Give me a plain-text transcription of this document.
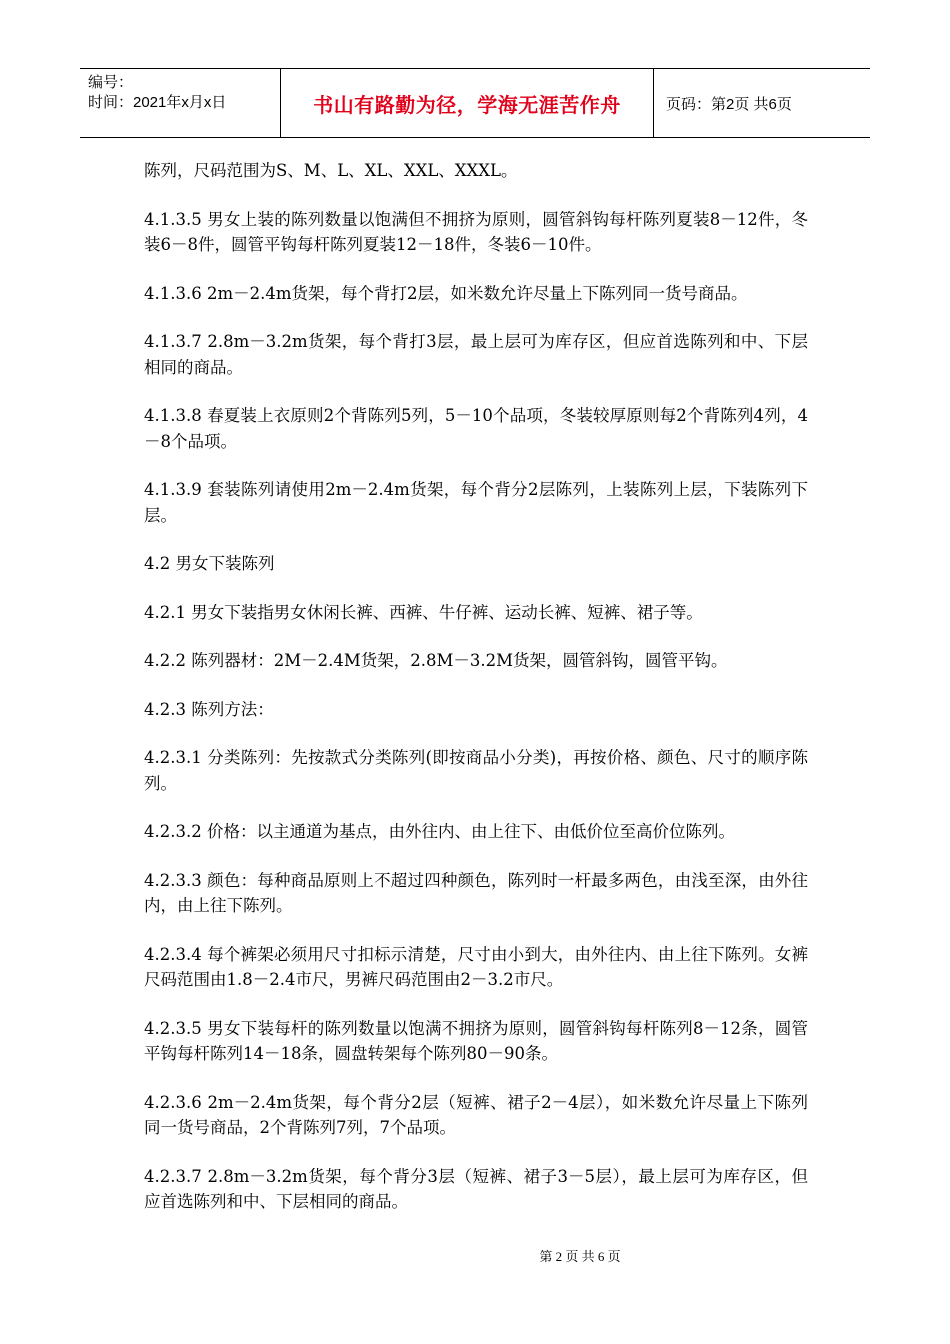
编号：
时间：2021年x月x日	书山有路勤为径，学海无涯苦作舟	页码：第2页 共6页

陈列，尺码范围为S、M、L、XL、XXL、XXXL。

4.1.3.5 男女上装的陈列数量以饱满但不拥挤为原则，圆管斜钩每杆陈列夏装8－12件，冬装6－8件，圆管平钩每杆陈列夏装12－18件，冬装6－10件。

4.1.3.6 2m－2.4m货架，每个背打2层，如米数允许尽量上下陈列同一货号商品。

4.1.3.7 2.8m－3.2m货架，每个背打3层，最上层可为库存区，但应首选陈列和中、下层相同的商品。

4.1.3.8 春夏装上衣原则2个背陈列5列，5－10个品项，冬装较厚原则每2个背陈列4列，4－8个品项。

4.1.3.9 套装陈列请使用2m－2.4m货架，每个背分2层陈列，上装陈列上层，下装陈列下层。

4.2 男女下装陈列

4.2.1 男女下装指男女休闲长裤、西裤、牛仔裤、运动长裤、短裤、裙子等。

4.2.2 陈列器材：2M－2.4M货架，2.8M－3.2M货架，圆管斜钩，圆管平钩。

4.2.3 陈列方法：

4.2.3.1 分类陈列：先按款式分类陈列(即按商品小分类)，再按价格、颜色、尺寸的顺序陈列。

4.2.3.2 价格：以主通道为基点，由外往内、由上往下、由低价位至高价位陈列。

4.2.3.3 颜色：每种商品原则上不超过四种颜色，陈列时一杆最多两色，由浅至深，由外往内，由上往下陈列。

4.2.3.4 每个裤架必须用尺寸扣标示清楚，尺寸由小到大，由外往内、由上往下陈列。女裤尺码范围由1.8－2.4市尺，男裤尺码范围由2－3.2市尺。

4.2.3.5 男女下装每杆的陈列数量以饱满不拥挤为原则，圆管斜钩每杆陈列8－12条，圆管平钩每杆陈列14－18条，圆盘转架每个陈列80－90条。

4.2.3.6 2m－2.4m货架，每个背分2层（短裤、裙子2－4层），如米数允许尽量上下陈列同一货号商品，2个背陈列7列，7个品项。

4.2.3.7 2.8m－3.2m货架，每个背分3层（短裤、裙子3－5层），最上层可为库存区，但应首选陈列和中、下层相同的商品。

第 2 页 共 6 页
